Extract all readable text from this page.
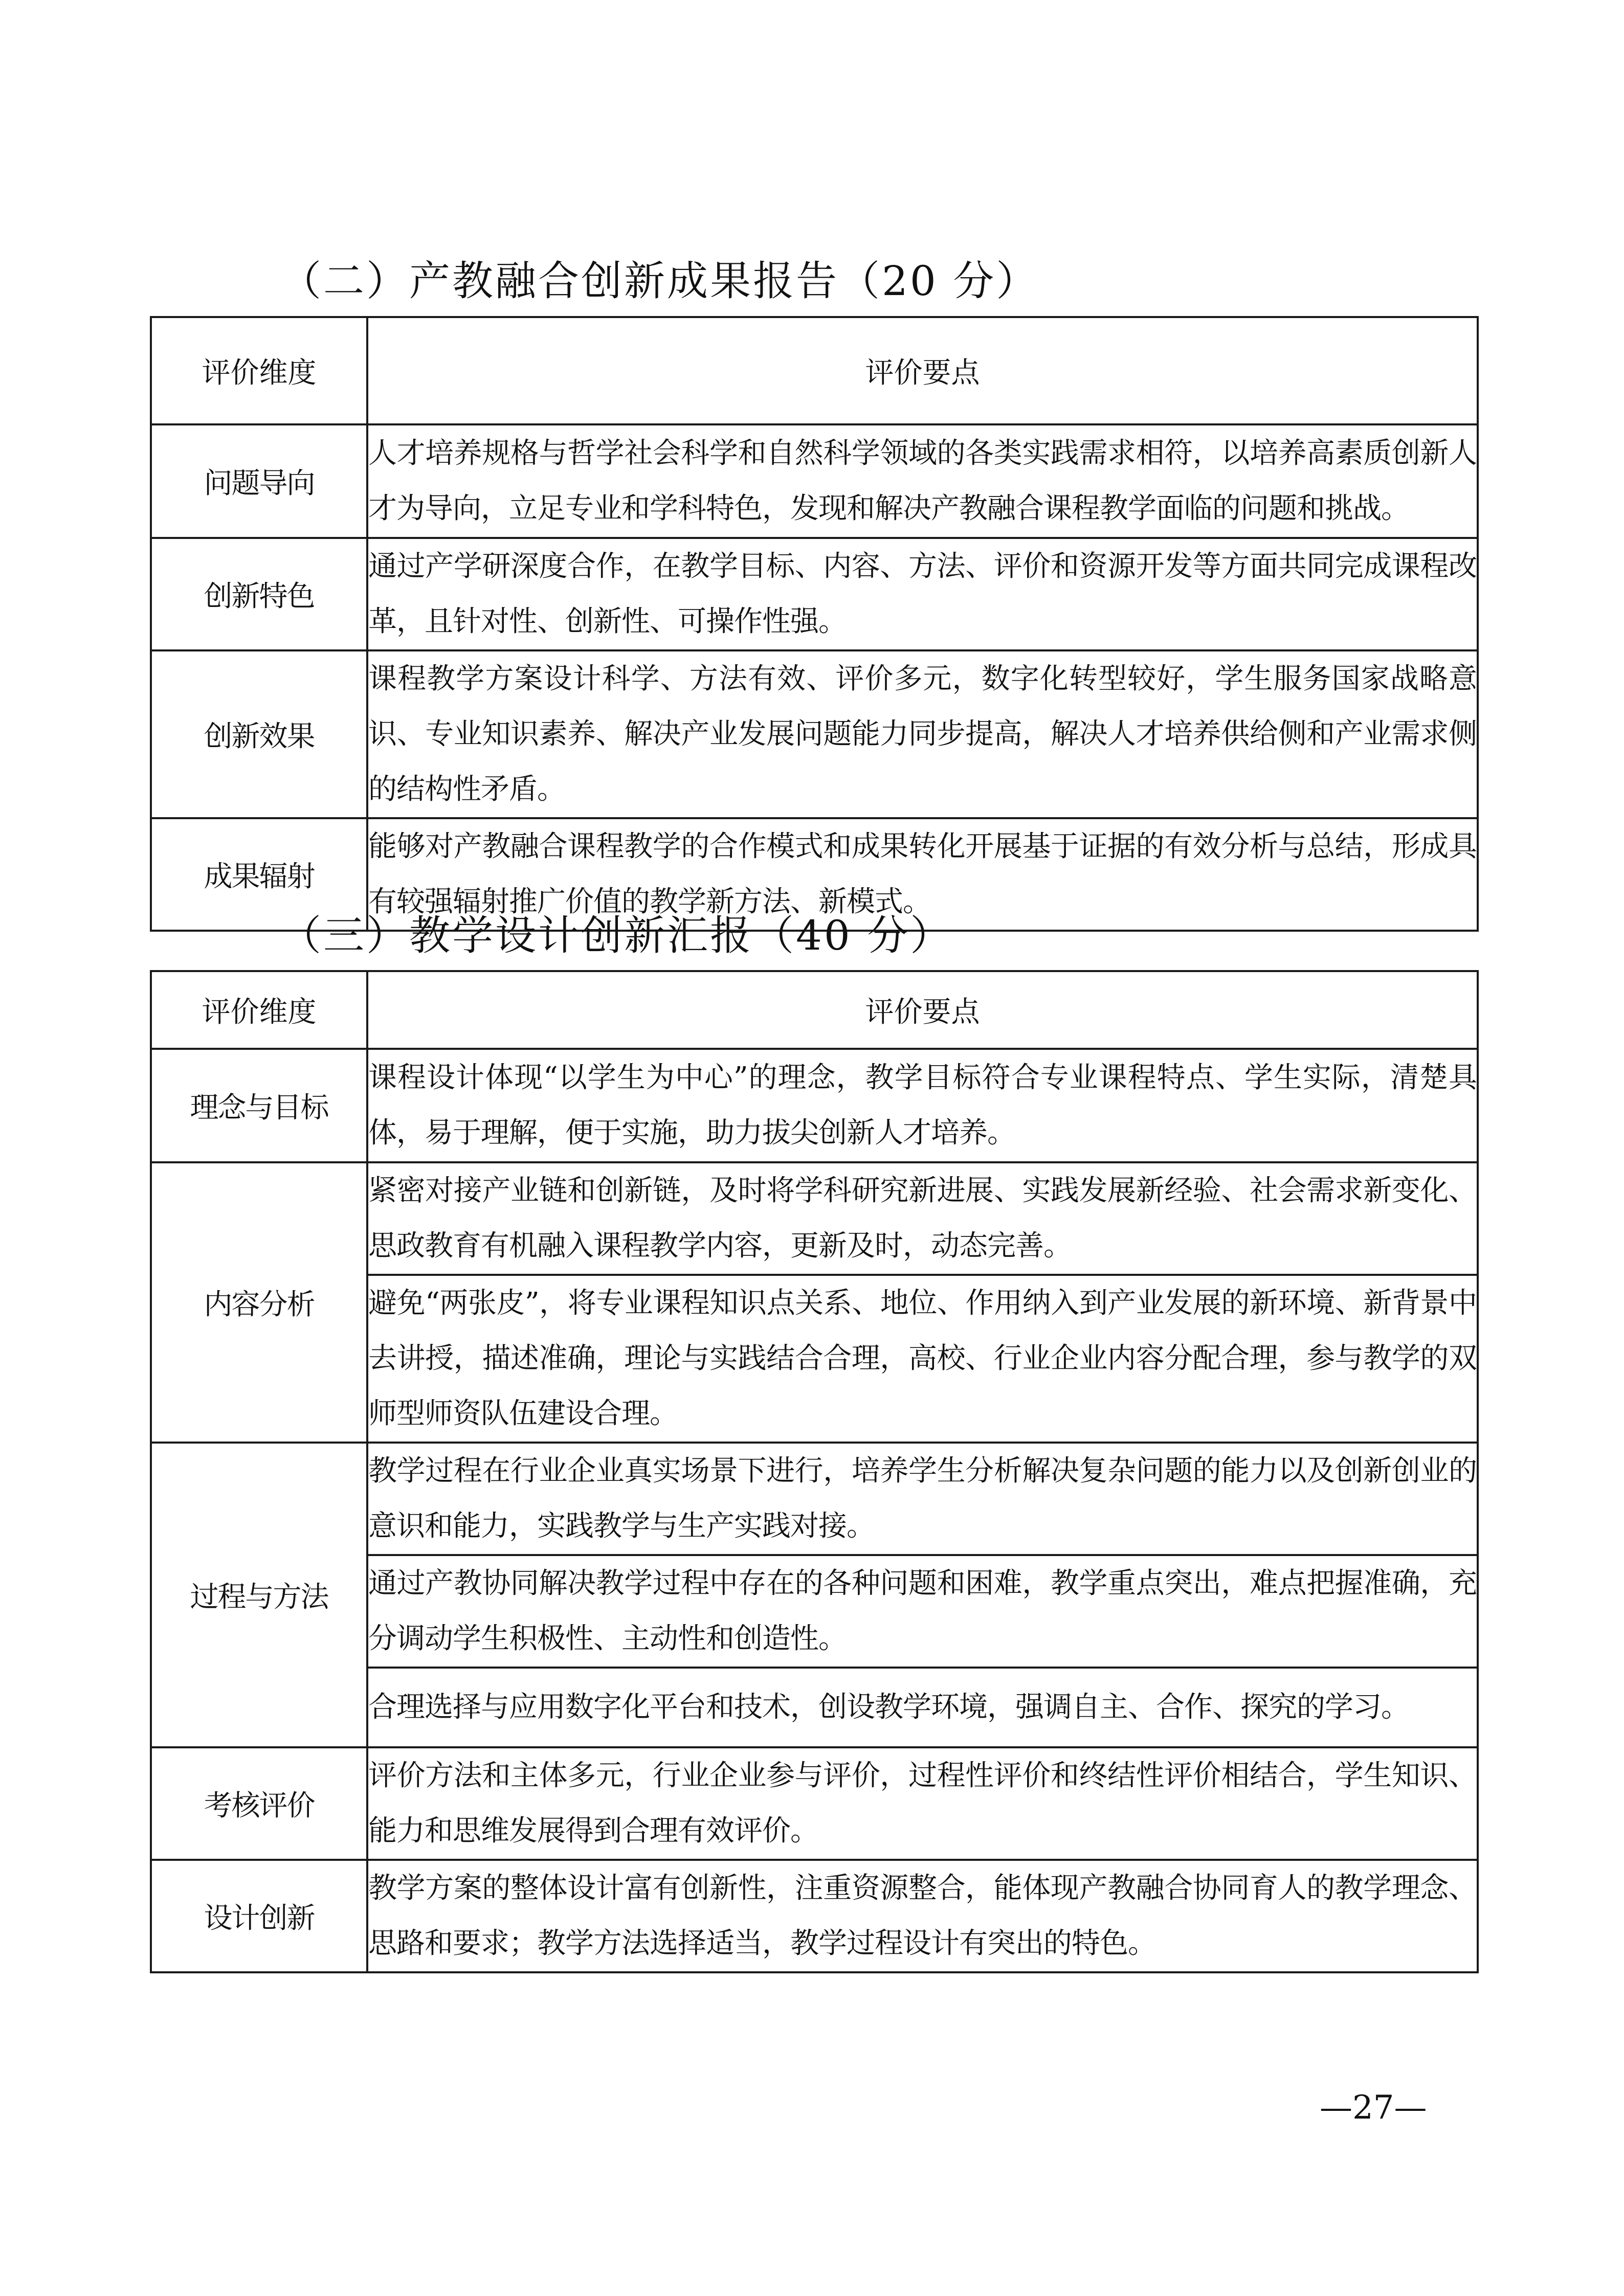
（二）产教融合创新成果报告（20 分）
评价维度	评价要点
问题导向	人才培养规格与哲学社会科学和自然科学领域的各类实践需求相符，以培养高素质创新人才为导向，立足专业和学科特色，发现和解决产教融合课程教学面临的问题和挑战。
创新特色	通过产学研深度合作，在教学目标、内容、方法、评价和资源开发等方面共同完成课程改革，且针对性、创新性、可操作性强。
创新效果	课程教学方案设计科学、方法有效、评价多元，数字化转型较好，学生服务国家战略意识、专业知识素养、解决产业发展问题能力同步提高，解决人才培养供给侧和产业需求侧的结构性矛盾。
成果辐射	能够对产教融合课程教学的合作模式和成果转化开展基于证据的有效分析与总结，形成具有较强辐射推广价值的教学新方法、新模式。
（三）教学设计创新汇报（40 分）
评价维度	评价要点
理念与目标	课程设计体现“以学生为中心”的理念，教学目标符合专业课程特点、学生实际，清楚具体，易于理解，便于实施，助力拔尖创新人才培养。
内容分析	紧密对接产业链和创新链，及时将学科研究新进展、实践发展新经验、社会需求新变化、思政教育有机融入课程教学内容，更新及时，动态完善。
	避免“两张皮”，将专业课程知识点关系、地位、作用纳入到产业发展的新环境、新背景中去讲授，描述准确，理论与实践结合合理，高校、行业企业内容分配合理，参与教学的双师型师资队伍建设合理。
过程与方法	教学过程在行业企业真实场景下进行，培养学生分析解决复杂问题的能力以及创新创业的意识和能力，实践教学与生产实践对接。
	通过产教协同解决教学过程中存在的各种问题和困难，教学重点突出，难点把握准确，充分调动学生积极性、主动性和创造性。
	合理选择与应用数字化平台和技术，创设教学环境，强调自主、合作、探究的学习。
考核评价	评价方法和主体多元，行业企业参与评价，过程性评价和终结性评价相结合，学生知识、能力和思维发展得到合理有效评价。
设计创新	教学方案的整体设计富有创新性，注重资源整合，能体现产教融合协同育人的教学理念、思路和要求；教学方法选择适当，教学过程设计有突出的特色。
—27—
